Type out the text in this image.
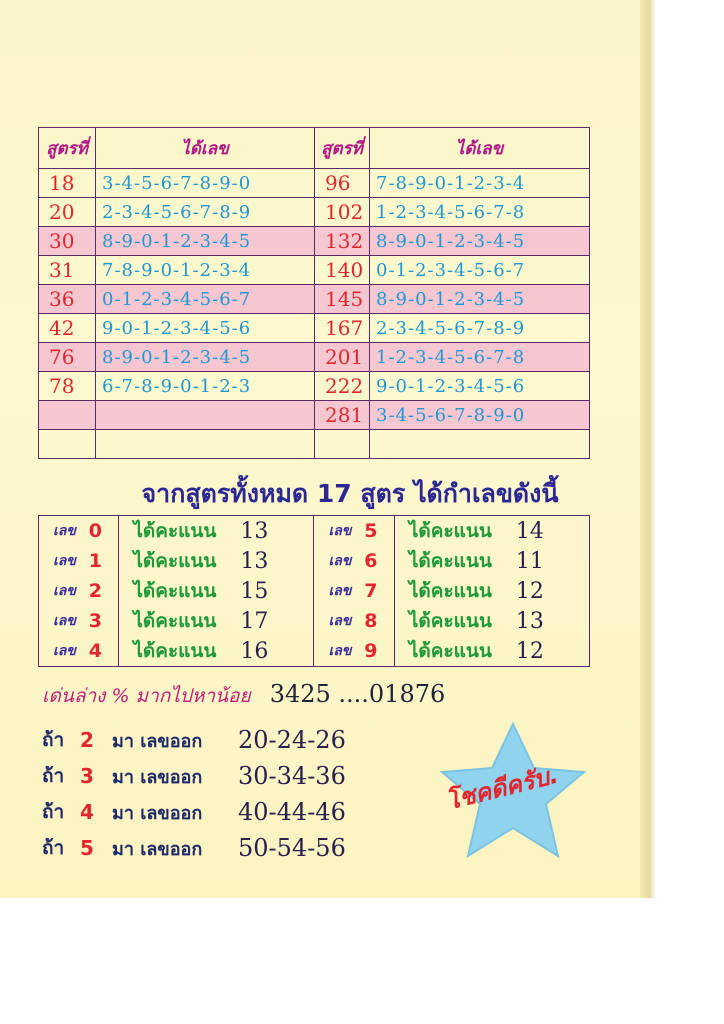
สูตรที่	ได้เลข	สูตรที่	ได้เลข
18	3-4-5-6-7-8-9-0	96	7-8-9-0-1-2-3-4
20	2-3-4-5-6-7-8-9	102	1-2-3-4-5-6-7-8
30	8-9-0-1-2-3-4-5	132	8-9-0-1-2-3-4-5
31	7-8-9-0-1-2-3-4	140	0-1-2-3-4-5-6-7
36	0-1-2-3-4-5-6-7	145	8-9-0-1-2-3-4-5
42	9-0-1-2-3-4-5-6	167	2-3-4-5-6-7-8-9
76	8-9-0-1-2-3-4-5	201	1-2-3-4-5-6-7-8
78	6-7-8-9-0-1-2-3	222	9-0-1-2-3-4-5-6
		281	3-4-5-6-7-8-9-0

จากสูตรทั้งหมด 17 สูตร ได้กำเลขดังนี้
เลข	0	ได้คะแนน	13	เลข	5	ได้คะแนน	14
เลข	1	ได้คะแนน	13	เลข	6	ได้คะแนน	11
เลข	2	ได้คะแนน	15	เลข	7	ได้คะแนน	12
เลข	3	ได้คะแนน	17	เลข	8	ได้คะแนน	13
เลข	4	ได้คะแนน	16	เลข	9	ได้คะแนน	12
เด่นล่าง % มากไปหาน้อย 3425 ....01876
ถ้า 2	มา เลขออก	20-24-26
ถ้า 3	มา เลขออก	30-34-36
ถ้า 4	มา เลขออก	40-44-46
ถ้า 5	มา เลขออก	50-54-56
โชคดีครับ.
